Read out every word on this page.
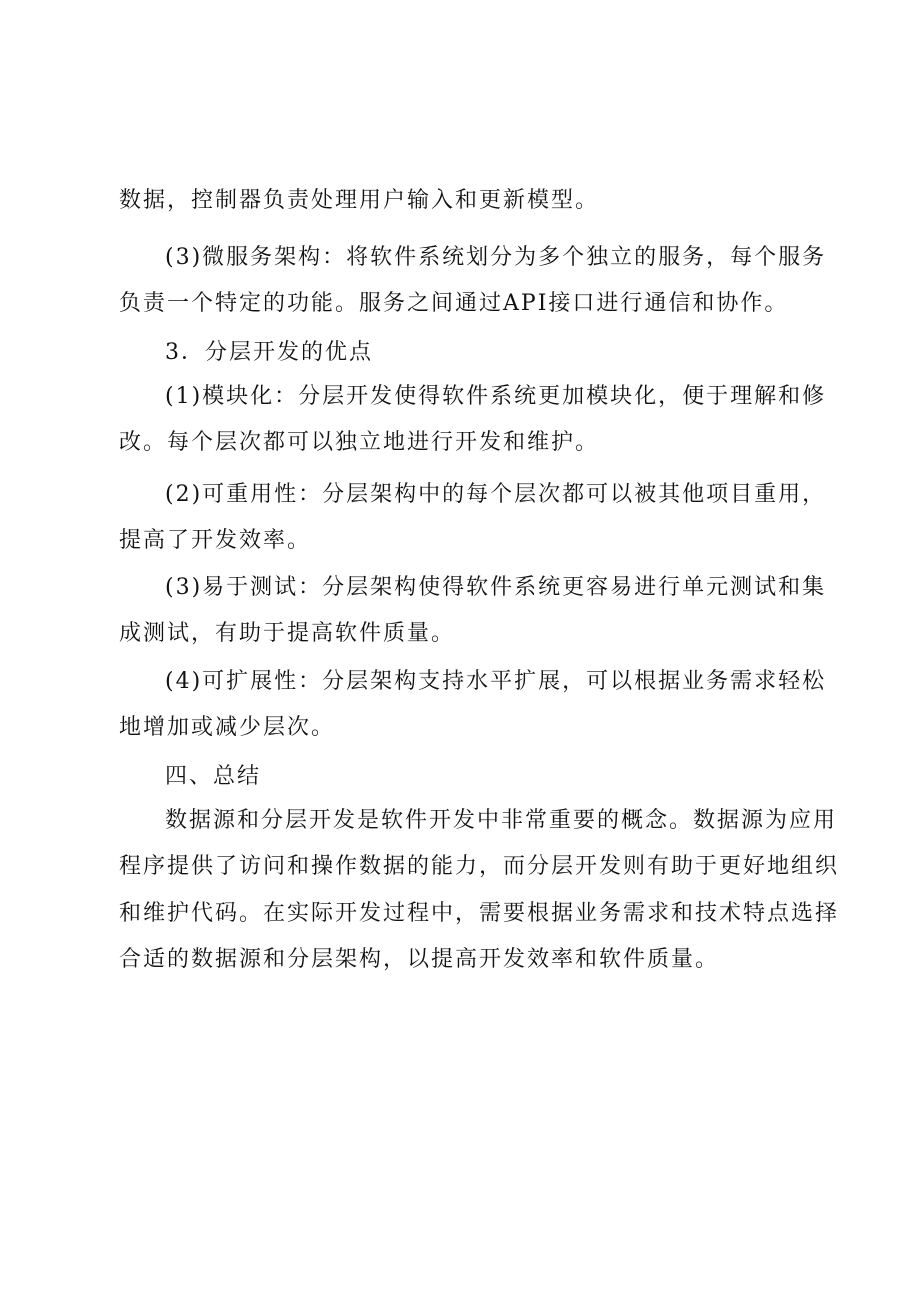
数据，控制器负责处理用户输入和更新模型。
(3)微服务架构：将软件系统划分为多个独立的服务，每个服务
负责一个特定的功能。服务之间通过API接口进行通信和协作。
3．分层开发的优点
(1)模块化：分层开发使得软件系统更加模块化，便于理解和修
改。每个层次都可以独立地进行开发和维护。
(2)可重用性：分层架构中的每个层次都可以被其他项目重用，
提高了开发效率。
(3)易于测试：分层架构使得软件系统更容易进行单元测试和集
成测试，有助于提高软件质量。
(4)可扩展性：分层架构支持水平扩展，可以根据业务需求轻松
地增加或减少层次。
四、总结
数据源和分层开发是软件开发中非常重要的概念。数据源为应用
程序提供了访问和操作数据的能力，而分层开发则有助于更好地组织
和维护代码。在实际开发过程中，需要根据业务需求和技术特点选择
合适的数据源和分层架构，以提高开发效率和软件质量。
